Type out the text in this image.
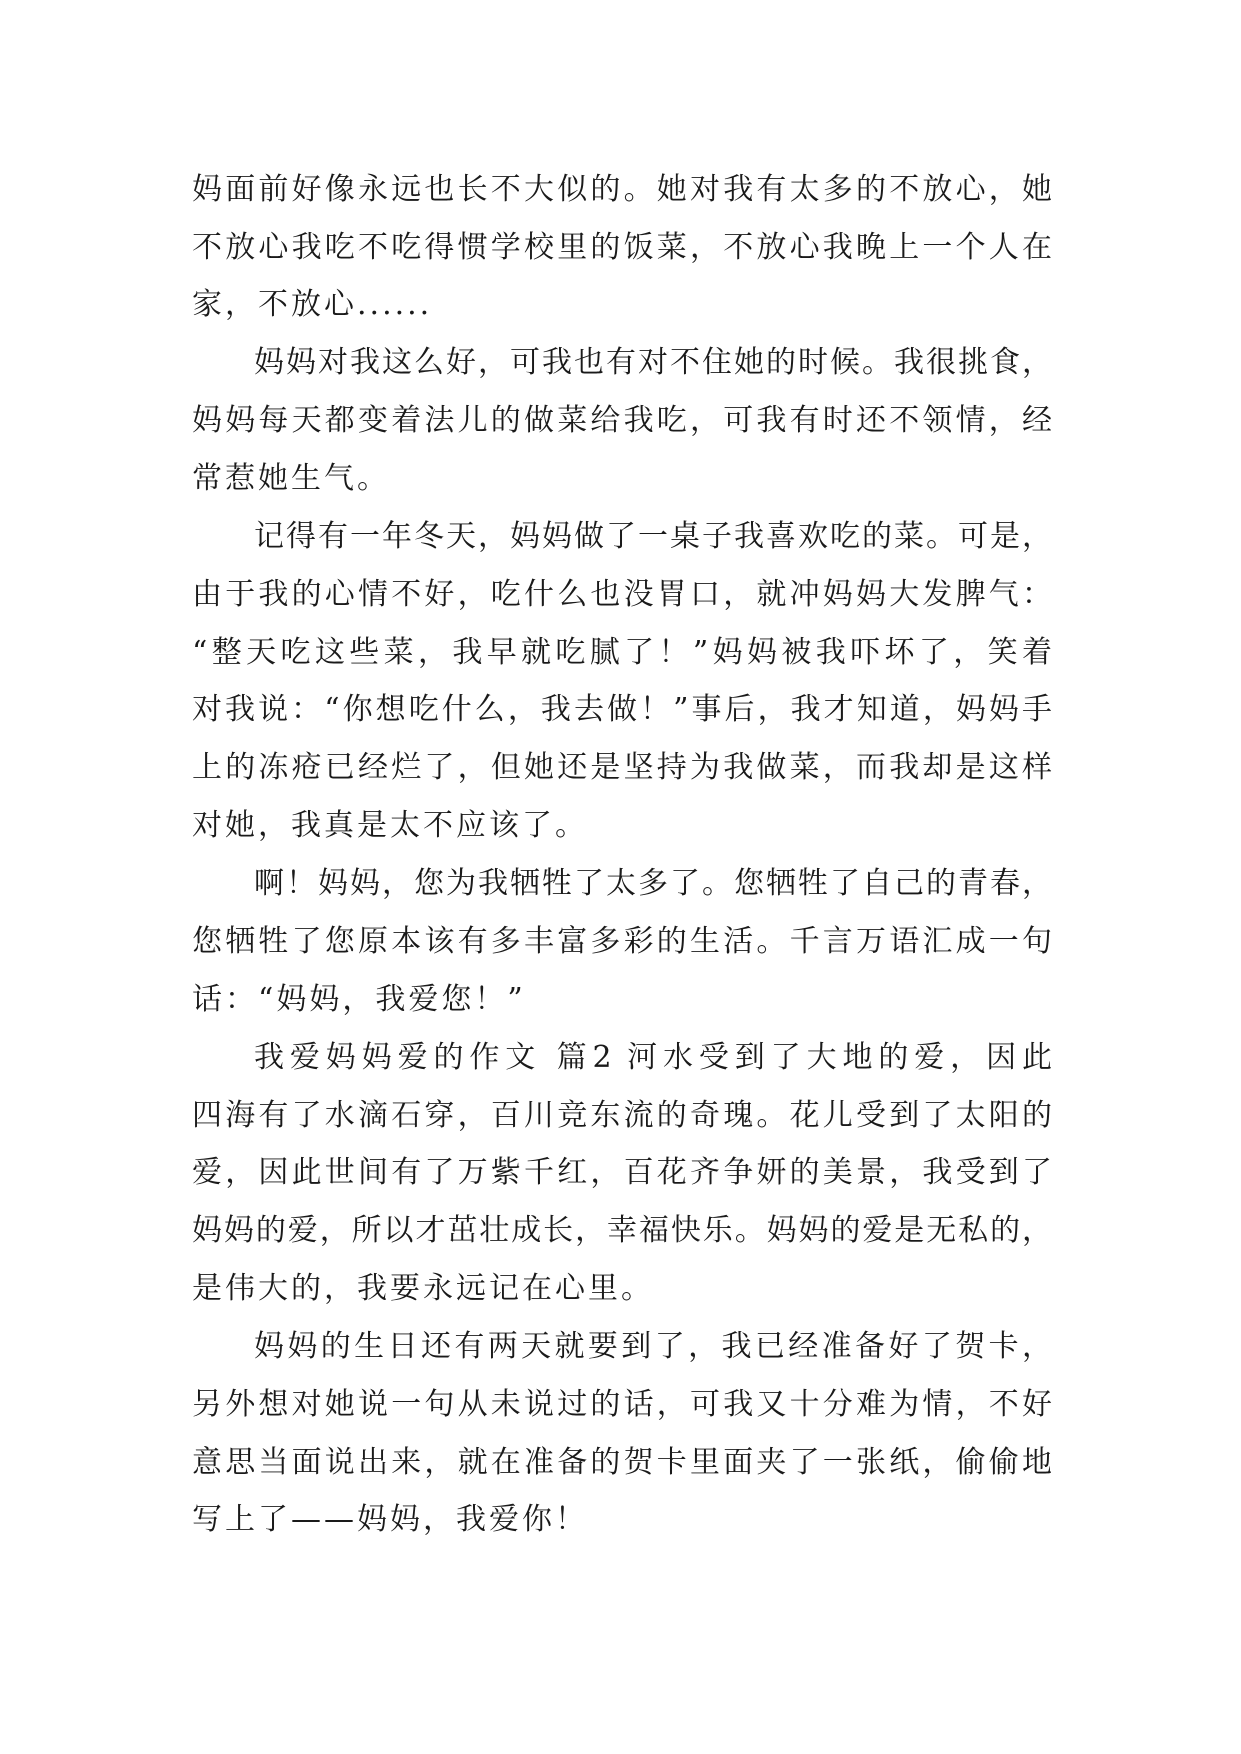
妈面前好像永远也长不大似的。她对我有太多的不放心，她
不放心我吃不吃得惯学校里的饭菜，不放心我晚上一个人在
家，不放心......
妈妈对我这么好，可我也有对不住她的时候。我很挑食，
妈妈每天都变着法儿的做菜给我吃，可我有时还不领情，经
常惹她生气。
记得有一年冬天，妈妈做了一桌子我喜欢吃的菜。可是，
由于我的心情不好，吃什么也没胃口，就冲妈妈大发脾气：
“整天吃这些菜，我早就吃腻了！”妈妈被我吓坏了，笑着
对我说：“你想吃什么，我去做！”事后，我才知道，妈妈手
上的冻疮已经烂了，但她还是坚持为我做菜，而我却是这样
对她，我真是太不应该了。
啊！妈妈，您为我牺牲了太多了。您牺牲了自己的青春，
您牺牲了您原本该有多丰富多彩的生活。千言万语汇成一句
话：“妈妈，我爱您！”
我爱妈妈爱的作文 篇2 河水受到了大地的爱，因此
四海有了水滴石穿，百川竞东流的奇瑰。花儿受到了太阳的
爱，因此世间有了万紫千红，百花齐争妍的美景，我受到了
妈妈的爱，所以才茁壮成长，幸福快乐。妈妈的爱是无私的，
是伟大的，我要永远记在心里。
妈妈的生日还有两天就要到了，我已经准备好了贺卡，
另外想对她说一句从未说过的话，可我又十分难为情，不好
意思当面说出来，就在准备的贺卡里面夹了一张纸，偷偷地
写上了——妈妈，我爱你！
